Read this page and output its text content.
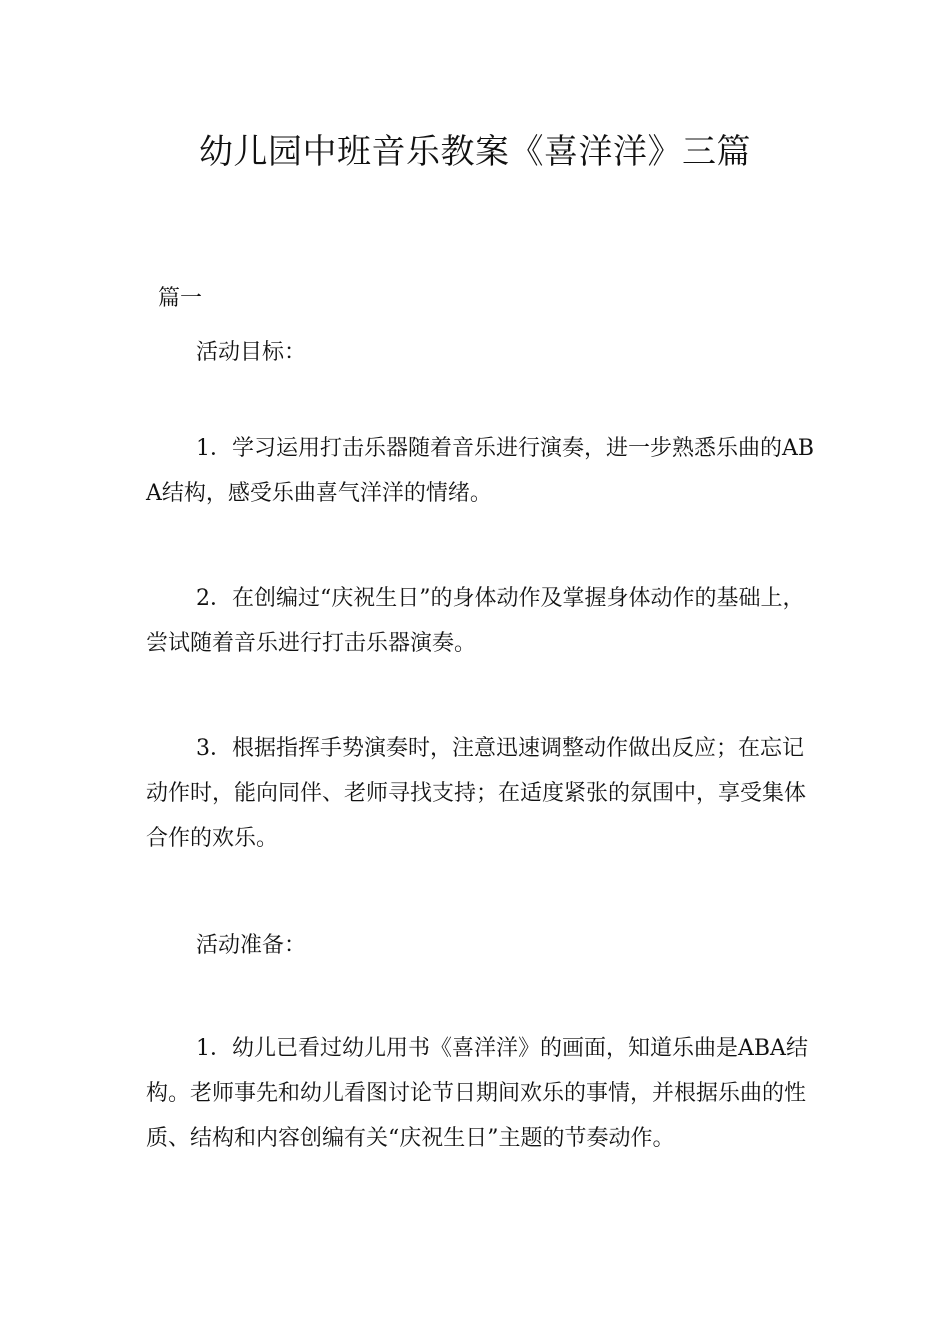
幼儿园中班音乐教案《喜洋洋》三篇
篇一
活动目标：

1．学习运用打击乐器随着音乐进行演奏，进一步熟悉乐曲的ABA结构，感受乐曲喜气洋洋的情绪。

2．在创编过“庆祝生日”的身体动作及掌握身体动作的基础上，尝试随着音乐进行打击乐器演奏。

3．根据指挥手势演奏时，注意迅速调整动作做出反应；在忘记动作时，能向同伴、老师寻找支持；在适度紧张的氛围中，享受集体合作的欢乐。

活动准备：

1．幼儿已看过幼儿用书《喜洋洋》的画面，知道乐曲是ABA结构。老师事先和幼儿看图讨论节日期间欢乐的事情，并根据乐曲的性质、结构和内容创编有关“庆祝生日”主题的节奏动作。
